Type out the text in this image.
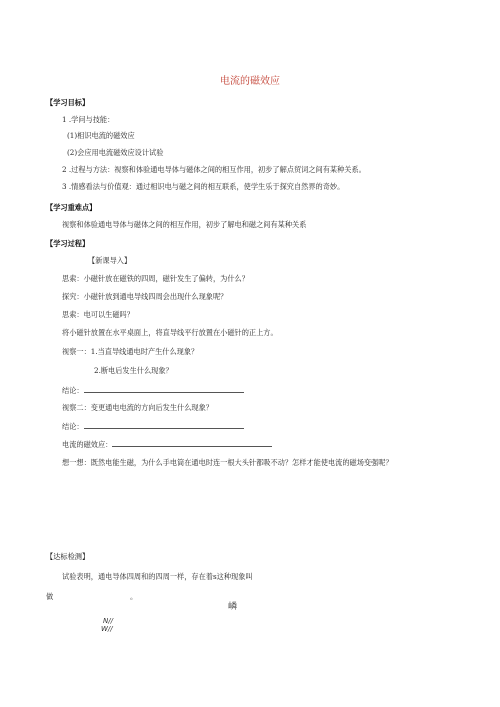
电流的磁效应
【学习目标】
1 .学问与技能：
(1)相识电流的磁效应
(2)会应用电流磁效应设计试验
2 .过程与方法：视察和体验通电导体与磁体之间的相互作用，初步了解点贸词之间有某种关系。
3 .情感看法与价值观：通过相识电与磁之间的相互联系，使学生乐于探究自然界的奇妙。
【学习重难点】
视察和体验通电导体与磁体之间的相互作用，初步了解电和磁之间有某种关系
【学习过程】
【新课导入】
思索：小磁针放在磁铁的四周，磁针发生了偏转，为什么？
探究：小磁针放到通电导线四周会出现什么现象呢？
思索：电可以生磁吗？
将小磁针放置在水平桌面上，将直导线平行放置在小磁针的正上方。
视察一：1.当直导线通电时产生什么现象？
2.断电后发生什么现象？
结论：
视察二：变更通电电流的方向后发生什么现象？
结论：
电流的磁效应：
想一想：既然电能生磁，为什么手电筒在通电时连一根大头针都吸不动？怎样才能使电流的磁场变强呢？
【达标检测】
试验表明，通电导体四周和的四周一样，存在着s这种现象叫
做	。
嶙
N//
W//
